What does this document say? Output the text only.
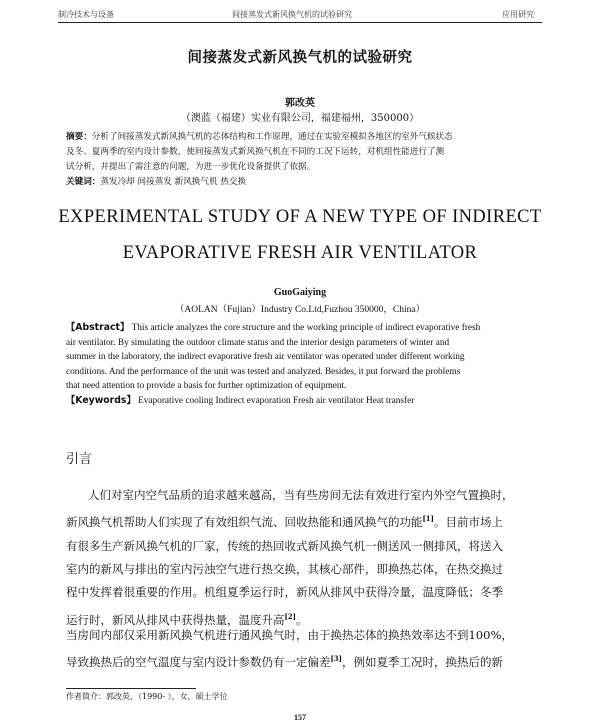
制冷技术与设备	间接蒸发式新风换气机的试验研究	应用研究
间接蒸发式新风换气机的试验研究
郭改英
（澳蓝（福建）实业有限公司，福建福州，350000）
摘要：分析了间接蒸发式新风换气机的芯体结构和工作原理，通过在实验室模拟各地区的室外气候状态
及冬、夏两季的室内设计参数，使间接蒸发式新风换气机在不同的工况下运转，对机组性能进行了测
试分析，并提出了需注意的问题，为进一步优化设备提供了依据。
关键词：蒸发冷却 间接蒸发 新风换气机 热交换
EXPERIMENTAL STUDY OF A NEW TYPE OF INDIRECT
EVAPORATIVE FRESH AIR VENTILATOR
GuoGaiying
（AOLAN（Fujian）Industry Co.Ltd,Fuzhou 350000，China）
【Abstract】 This article analyzes the core structure and the working principle of indirect evaporative fresh
air ventilator. By simulating the outdoor climate status and the interior design parameters of winter and
summer in the laboratory, the indirect evaporative fresh air ventilator was operated under different working
conditions. And the performance of the unit was tested and analyzed. Besides, it put forward the problems
that need attention to provide a basis for further optimization of equipment.
【Keywords】 Evaporative cooling Indirect evaporation Fresh air ventilator Heat transfer
引言
人们对室内空气品质的追求越来越高，当有些房间无法有效进行室内外空气置换时，
新风换气机帮助人们实现了有效组织气流、回收热能和通风换气的功能[1]。目前市场上
有很多生产新风换气机的厂家，传统的热回收式新风换气机一侧送风一侧排风，将送入
室内的新风与排出的室内污浊空气进行热交换，其核心部件，即换热芯体，在热交换过
程中发挥着很重要的作用。机组夏季运行时，新风从排风中获得冷量，温度降低；冬季
运行时，新风从排风中获得热量，温度升高[2]。
当房间内部仅采用新风换气机进行通风换气时，由于换热芯体的换热效率达不到100%，
导致换热后的空气温度与室内设计参数仍有一定偏差[3]，例如夏季工况时，换热后的新
作者简介：郭改英，（1990- ），女，硕士学位
157
